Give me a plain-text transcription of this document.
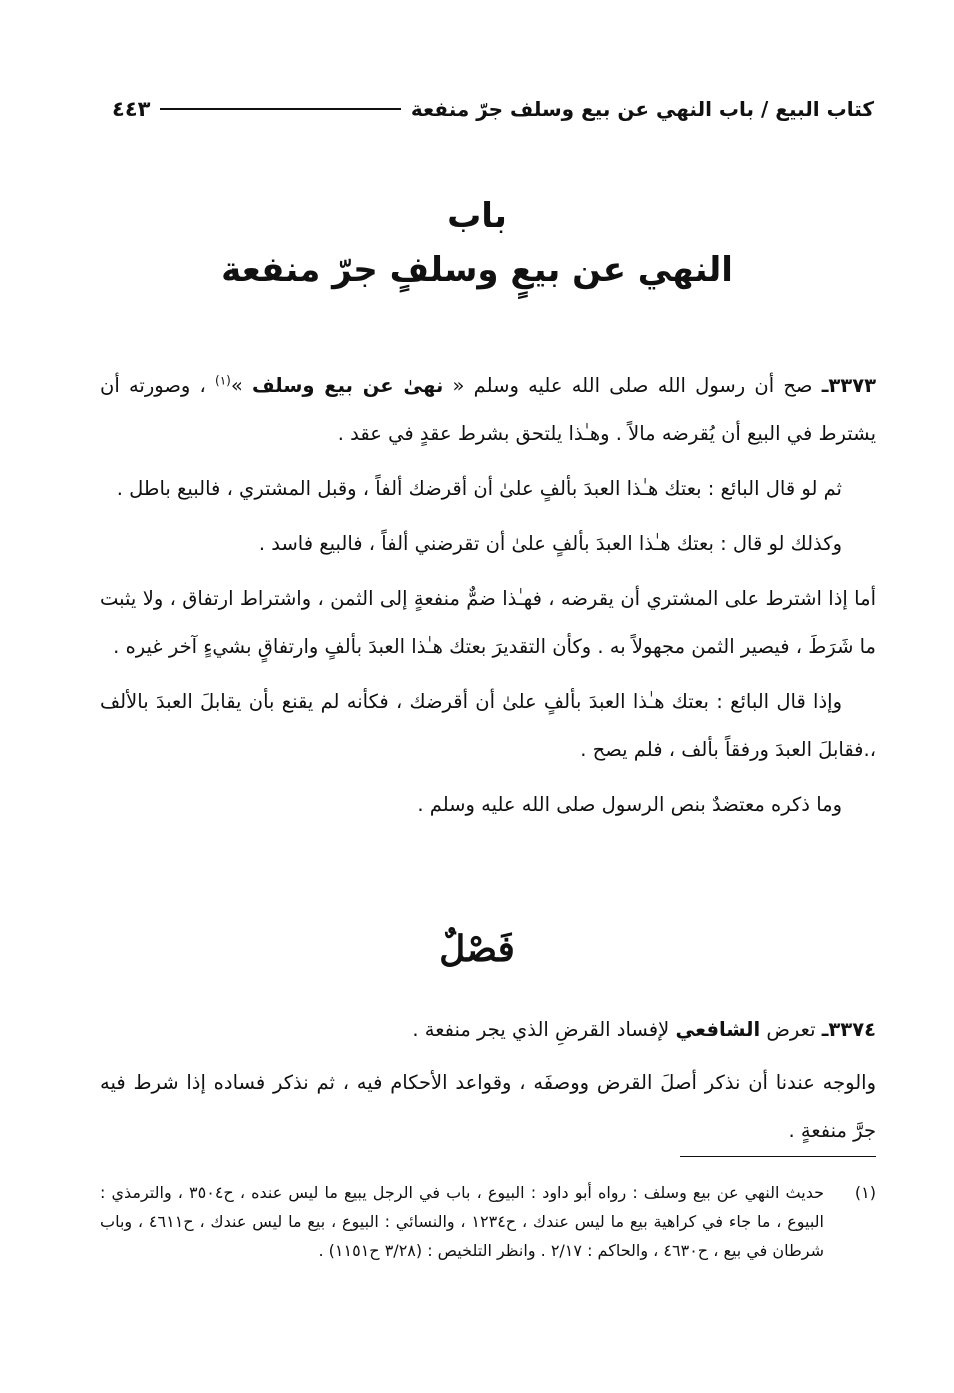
كتاب البيع / باب النهي عن بيع وسلف جرّ منفعة
٤٤٣
باب
النهي عن بيعٍ وسلفٍ جرّ منفعة

٣٣٧٣ـ صح أن رسول الله صلى الله عليه وسلم « نهىٰ عن بيع وسلف »$^{(١)}$ ، وصورته أن يشترط في البيع أن يُقرضه مالاً . وهـٰذا يلتحق بشرط عقدٍ في عقد .

ثم لو قال البائع : بعتك هـٰذا العبدَ بألفٍ علىٰ أن أقرضك ألفاً ، وقبل المشتري ، فالبيع باطل .

وكذلك لو قال : بعتك هـٰذا العبدَ بألفٍ علىٰ أن تقرضني ألفاً ، فالبيع فاسد .

أما إذا اشترط على المشتري أن يقرضه ، فهـٰذا ضمٌّ منفعةٍ إلى الثمن ، واشتراط ارتفاق ، ولا يثبت ما شَرَطَ ، فيصير الثمن مجهولاً به . وكأن التقديرَ بعتك هـٰذا العبدَ بألفٍ وارتفاقٍ بشيءٍ آخر غيره .

وإذا قال البائع : بعتك هـٰذا العبدَ بألفٍ علىٰ أن أقرضك ، فكأنه لم يقنع بأن يقابلَ العبدَ بالألف ،.فقابلَ العبدَ ورفقاً بألف ، فلم يصح .

وما ذكره معتضدٌ بنص الرسول صلى الله عليه وسلم .

فَصْلٌ

٣٣٧٤ـ تعرض الشافعي لإفساد القرضِ الذي يجر منفعة .

والوجه عندنا أن نذكر أصلَ القرض ووصفَه ، وقواعد الأحكام فيه ، ثم نذكر فساده إذا شرط فيه جرَّ منفعةٍ .

(١)
حديث النهي عن بيع وسلف : رواه أبو داود : البيوع ، باب في الرجل يبيع ما ليس عنده ، ح٣٥٠٤ ، والترمذي : البيوع ، ما جاء في كراهية بيع ما ليس عندك ، ح١٢٣٤ ، والنسائي : البيوع ، بيع ما ليس عندك ، ح٤٦١١ ، وباب شرطان في بيع ، ح٤٦٣٠ ، والحاكم : ٢/١٧ . وانظر التلخيص : (٣/٢٨ ح١١٥١) .
